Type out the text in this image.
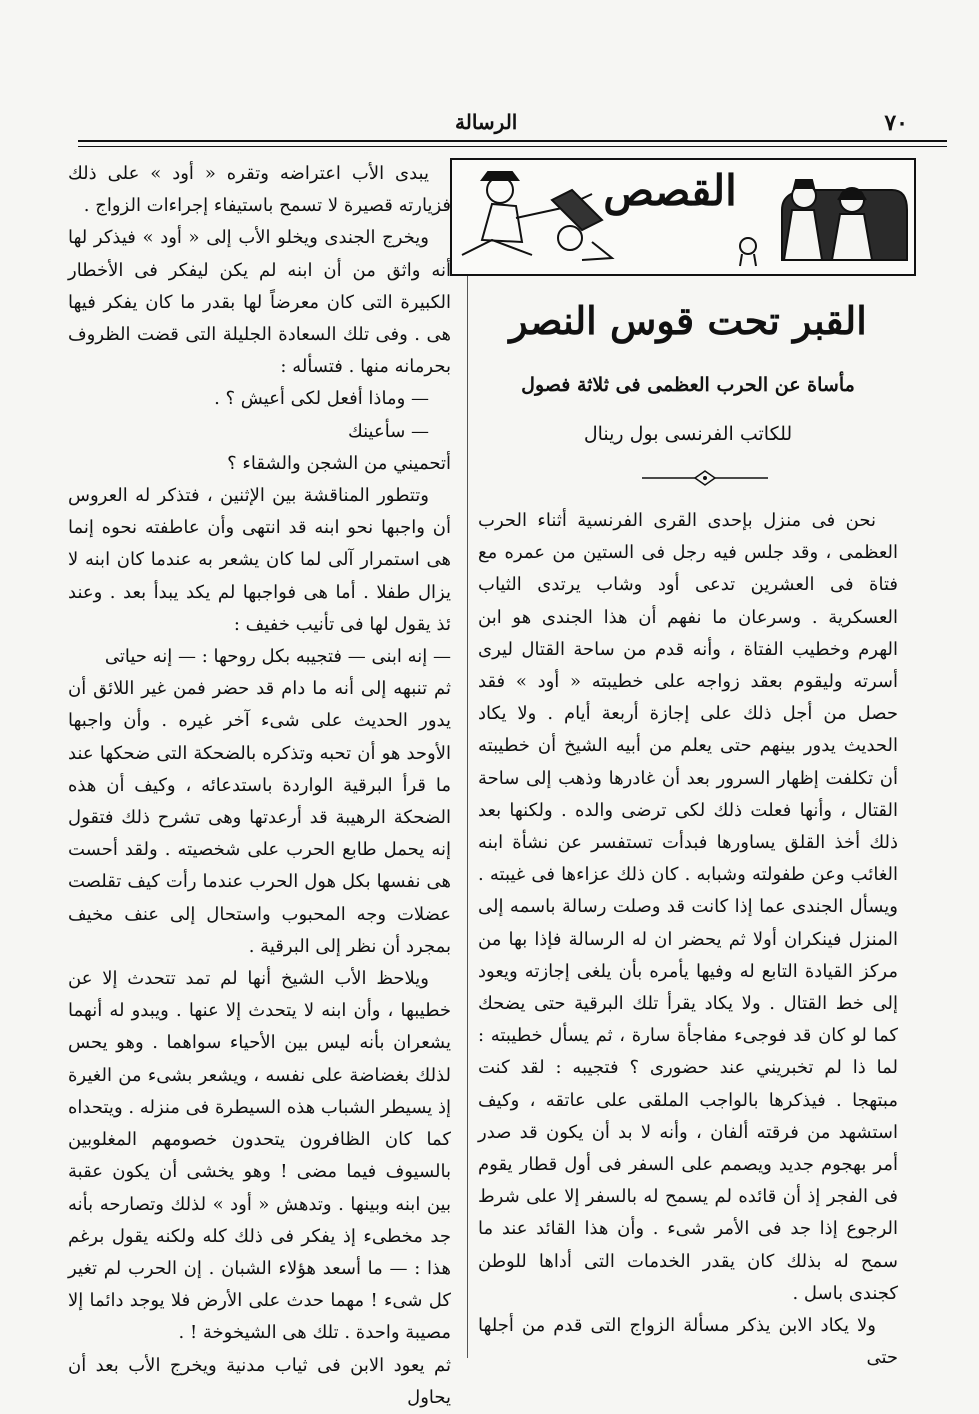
٧٠
الرسالة
القصص
القبر تحت قوس النصر
مأساة عن الحرب العظمى فى ثلاثة فصول
للكاتب الفرنسى بول رينال

نحن فى منزل بإحدى القرى الفرنسية أثناء الحرب العظمى ، وقد جلس فيه رجل فى الستين من عمره مع فتاة فى العشرين تدعى أود وشاب يرتدى الثياب العسكرية . وسرعان ما نفهم أن هذا الجندى هو ابن الهرم وخطيب الفتاة ، وأنه قدم من ساحة القتال ليرى أسرته وليقوم بعقد زواجه على خطيبته « أود » فقد حصل من أجل ذلك على إجازة أربعة أيام . ولا يكاد الحديث يدور بينهم حتى يعلم من أبيه الشيخ أن خطيبته أن تكلفت إظهار السرور بعد أن غادرها وذهب إلى ساحة القتال ، وأنها فعلت ذلك لكى ترضى والده . ولكنها بعد ذلك أخذ القلق يساورها فبدأت تستفسر عن نشأة ابنه الغائب وعن طفولته وشبابه . كان ذلك عزاءها فى غيبته . ويسأل الجندى عما إذا كانت قد وصلت رسالة باسمه إلى المنزل فينكران أولا ثم يحضر ان له الرسالة فإذا بها من مركز القيادة التابع له وفيها يأمره بأن يلغى إجازته ويعود إلى خط القتال . ولا يكاد يقرأ تلك البرقية حتى يضحك كما لو كان قد فوجىء مفاجأة سارة ، ثم يسأل خطيبته : لما ذا لم تخبريني عند حضورى ؟ فتجيبه : لقد كنت مبتهجا . فيذكرها بالواجب الملقى على عاتقه ، وكيف استشهد من فرقته ألفان ، وأنه لا بد أن يكون قد صدر أمر بهجوم جديد ويصمم على السفر فى أول قطار يقوم فى الفجر إذ أن قائده لم يسمح له بالسفر إلا على شرط الرجوع إذا جد فى الأمر شىء . وأن هذا القائد عند ما سمح له بذلك كان يقدر الخدمات التى أداها للوطن كجندى باسل .

ولا يكاد الابن يذكر مسألة الزواج التى قدم من أجلها حتى

يبدى الأب اعتراضه وتقره « أود » على ذلك فزيارته قصيرة لا تسمح باستيفاء إجراءات الزواج .

ويخرج الجندى ويخلو الأب إلى « أود » فيذكر لها أنه واثق من أن ابنه لم يكن ليفكر فى الأخطار الكبيرة التى كان معرضاً لها بقدر ما كان يفكر فيها هى . وفى تلك السعادة الجليلة التى قضت الظروف بحرمانه منها . فتسأله :

— وماذا أفعل لكى أعيش ؟ .

— سأعينك

أتحميني من الشجن والشقاء ؟

وتتطور المناقشة بين الإثنين ، فتذكر له العروس أن واجبها نحو ابنه قد انتهى وأن عاطفته نحوه إنما هى استمرار آلى لما كان يشعر به عندما كان ابنه لا يزال طفلا . أما هى فواجبها لم يكد يبدأ بعد . وعند ئذ يقول لها فى تأنيب خفيف :

— إنه ابنى — فتجيبه بكل روحها : — إنه حياتى

ثم تنبهه إلى أنه ما دام قد حضر فمن غير اللائق أن يدور الحديث على شىء آخر غيره . وأن واجبها الأوحد هو أن تحبه وتذكره بالضحكة التى ضحكها عند ما قرأ البرقية الواردة باستدعائه ، وكيف أن هذه الضحكة الرهيبة قد أرعدتها وهى تشرح ذلك فتقول إنه يحمل طابع الحرب على شخصيته . ولقد أحست هى نفسها بكل هول الحرب عندما رأت كيف تقلصت عضلات وجه المحبوب واستحال إلى عنف مخيف بمجرد أن نظر إلى البرقية .

ويلاحظ الأب الشيخ أنها لم تمد تتحدث إلا عن خطيبها ، وأن ابنه لا يتحدث إلا عنها . ويبدو له أنهما يشعران بأنه ليس بين الأحياء سواهما . وهو يحس لذلك بغضاضة على نفسه ، ويشعر بشىء من الغيرة إذ يسيطر الشباب هذه السيطرة فى منزله . ويتحداه كما كان الظافرون يتحدون خصومهم المغلوبين بالسيوف فيما مضى ! وهو يخشى أن يكون عقبة بين ابنه وبينها . وتدهش « أود » لذلك وتصارحه بأنه جد مخطىء إذ يفكر فى ذلك كله ولكنه يقول برغم هذا : — ما أسعد هؤلاء الشبان . إن الحرب لم تغير كل شىء ! مهما حدث على الأرض فلا يوجد دائما إلا مصيبة واحدة . تلك هى الشيخوخة ! .

ثم يعود الابن فى ثياب مدنية ويخرج الأب بعد أن يحاول
